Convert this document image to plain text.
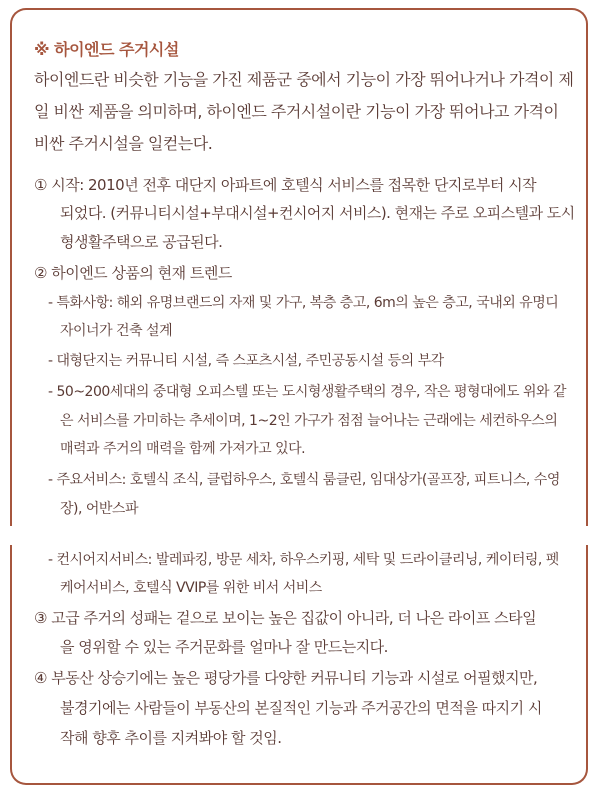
※ 하이엔드 주거시설
하이엔드란 비슷한 기능을 가진 제품군 중에서 기능이 가장 뛰어나거나 가격이 제
일 비싼 제품을 의미하며, 하이엔드 주거시설이란 기능이 가장 뛰어나고 가격이
비싼 주거시설을 일컫는다.
① 시작: 2010년 전후 대단지 아파트에 호텔식 서비스를 접목한 단지로부터 시작
되었다. (커뮤니티시설+부대시설+컨시어지 서비스). 현재는 주로 오피스텔과 도시
형생활주택으로 공급된다.
② 하이엔드 상품의 현재 트렌드
- 특화사항: 해외 유명브랜드의 자재 및 가구, 복층 층고, 6m의 높은 층고, 국내외 유명디
자이너가 건축 설계
- 대형단지는 커뮤니티 시설, 즉 스포츠시설, 주민공동시설 등의 부각
- 50~200세대의 중대형 오피스텔 또는 도시형생활주택의 경우, 작은 평형대에도 위와 같
은 서비스를 가미하는 추세이며, 1~2인 가구가 점점 늘어나는 근래에는 세컨하우스의
매력과 주거의 매력을 함께 가져가고 있다.
- 주요서비스: 호텔식 조식, 클럽하우스, 호텔식 룸클린, 임대상가(골프장, 피트니스, 수영
장), 어반스파
- 컨시어지서비스: 발레파킹, 방문 세차, 하우스키핑, 세탁 및 드라이클리닝, 케이터링, 펫
케어서비스, 호텔식 VVIP를 위한 비서 서비스
③ 고급 주거의 성패는 겉으로 보이는 높은 집값이 아니라, 더 나은 라이프 스타일
을 영위할 수 있는 주거문화를 얼마나 잘 만드는지다.
④ 부동산 상승기에는 높은 평당가를 다양한 커뮤니티 기능과 시설로 어필했지만,
불경기에는 사람들이 부동산의 본질적인 기능과 주거공간의 면적을 따지기 시
작해 향후 추이를 지켜봐야 할 것임.
